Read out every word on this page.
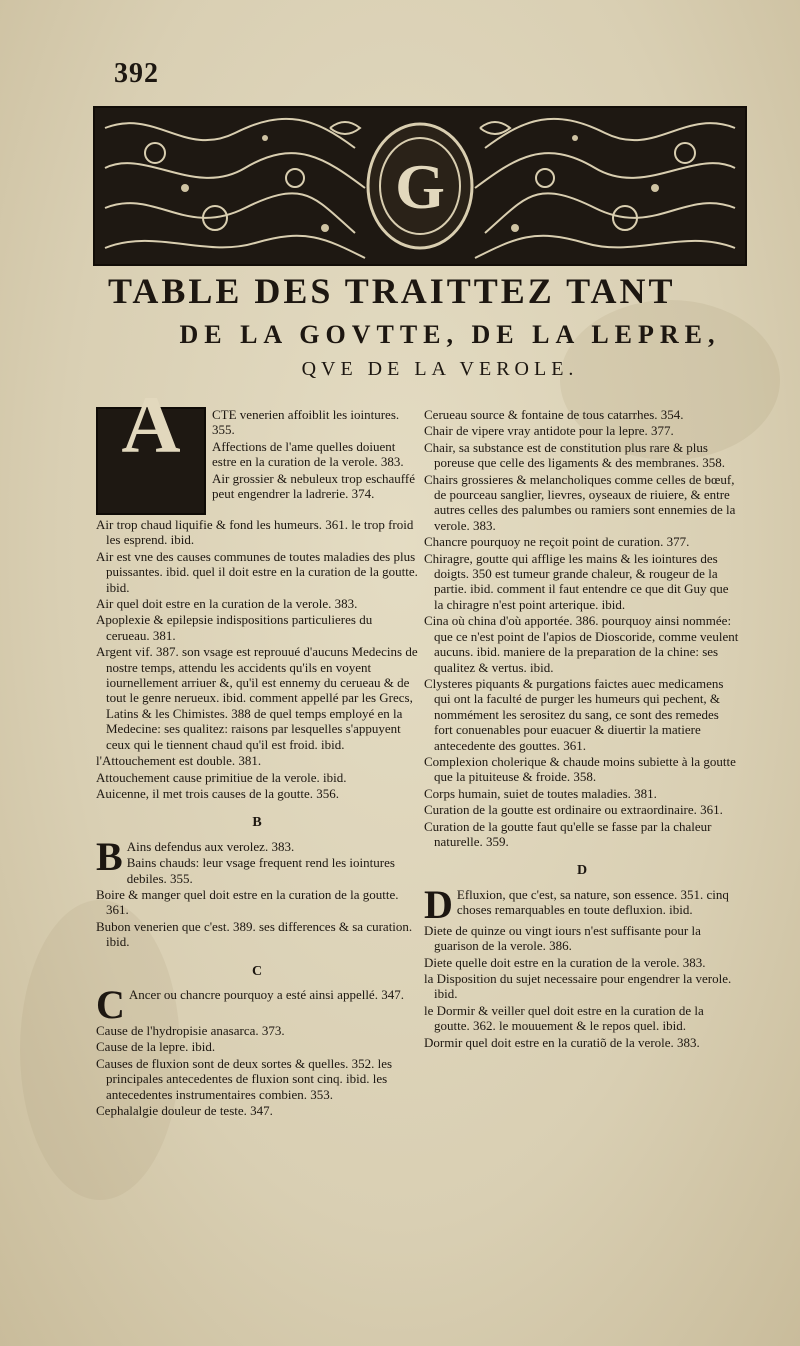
392
G
TABLE DES TRAITTEZ TANT
DE LA GOVTTE, DE LA LEPRE,
QVE DE LA VEROLE.
A	CTE venerien affoiblit les iointures. 355.
Affections de l'ame quelles doiuent estre en la curation de la verole. 383.
Air grossier & nebuleux trop eschauffé peut engendrer la ladrerie. 374.
Air trop chaud liquifie & fond les humeurs. 361. le trop froid les esprend. ibid.
Air est vne des causes communes de toutes maladies des plus puissantes. ibid. quel il doit estre en la curation de la goutte. ibid.
Air quel doit estre en la curation de la verole. 383.
Apoplexie & epilepsie indispositions particulieres du cerueau. 381.
Argent vif. 387. son vsage est reprouué d'aucuns Medecins de nostre temps, attendu les accidents qu'ils en voyent iournellement arriuer &, qu'il est ennemy du cerueau & de tout le genre nerueux. ibid. comment appellé par les Grecs, Latins & les Chimistes. 388 de quel temps employé en la Medecine: ses qualitez: raisons par lesquelles s'appuyent ceux qui le tiennent chaud qu'il est froid. ibid.
l'Attouchement est double. 381.
Attouchement cause primitiue de la verole. ibid.
Auicenne, il met trois causes de la goutte. 356.
B
B Ains defendus aux verolez. 383.
Bains chauds: leur vsage frequent rend les iointures debiles. 355.
Boire & manger quel doit estre en la curation de la goutte. 361.
Bubon venerien que c'est. 389. ses differences & sa curation. ibid.
C
C Ancer ou chancre pourquoy a esté ainsi appellé. 347.
Cause de l'hydropisie anasarca. 373.
Cause de la lepre. ibid.
Causes de fluxion sont de deux sortes & quelles. 352. les principales antecedentes de fluxion sont cinq. ibid. les antecedentes instrumentaires combien. 353.
Cephalalgie douleur de teste. 347.
Cerueau source & fontaine de tous catarrhes. 354.
Chair de vipere vray antidote pour la lepre. 377.
Chair, sa substance est de constitution plus rare & plus poreuse que celle des ligaments & des membranes. 358.
Chairs grossieres & melancholiques comme celles de bœuf, de pourceau sanglier, lievres, oyseaux de riuiere, & entre autres celles des palumbes ou ramiers sont ennemies de la verole. 383.
Chancre pourquoy ne reçoit point de curation. 377.
Chiragre, goutte qui afflige les mains & les iointures des doigts. 350 est tumeur grande chaleur, & rougeur de la partie. ibid. comment il faut entendre ce que dit Guy que la chiragre n'est point arterique. ibid.
Cina où china d'où apportée. 386. pourquoy ainsi nommée: que ce n'est point de l'apios de Dioscoride, comme veulent aucuns. ibid. maniere de la preparation de la chine: ses qualitez & vertus. ibid.
Clysteres piquants & purgations faictes auec medicamens qui ont la faculté de purger les humeurs qui pechent, & nommément les serositez du sang, ce sont des remedes fort conuenables pour euacuer & diuertir la matiere antecedente des gouttes. 361.
Complexion cholerique & chaude moins subiette à la goutte que la pituiteuse & froide. 358.
Corps humain, suiet de toutes maladies. 381.
Curation de la goutte est ordinaire ou extraordinaire. 361.
Curation de la goutte faut qu'elle se fasse par la chaleur naturelle. 359.
D
D Efluxion, que c'est, sa nature, son essence. 351. cinq choses remarquables en toute defluxion. ibid.
Diete de quinze ou vingt iours n'est suffisante pour la guarison de la verole. 386.
Diete quelle doit estre en la curation de la verole. 383.
la Disposition du sujet necessaire pour engendrer la verole. ibid.
le Dormir & veiller quel doit estre en la curation de la goutte. 362. le mouuement & le repos quel. ibid.
Dormir quel doit estre en la curatiõ de la verole. 383.
